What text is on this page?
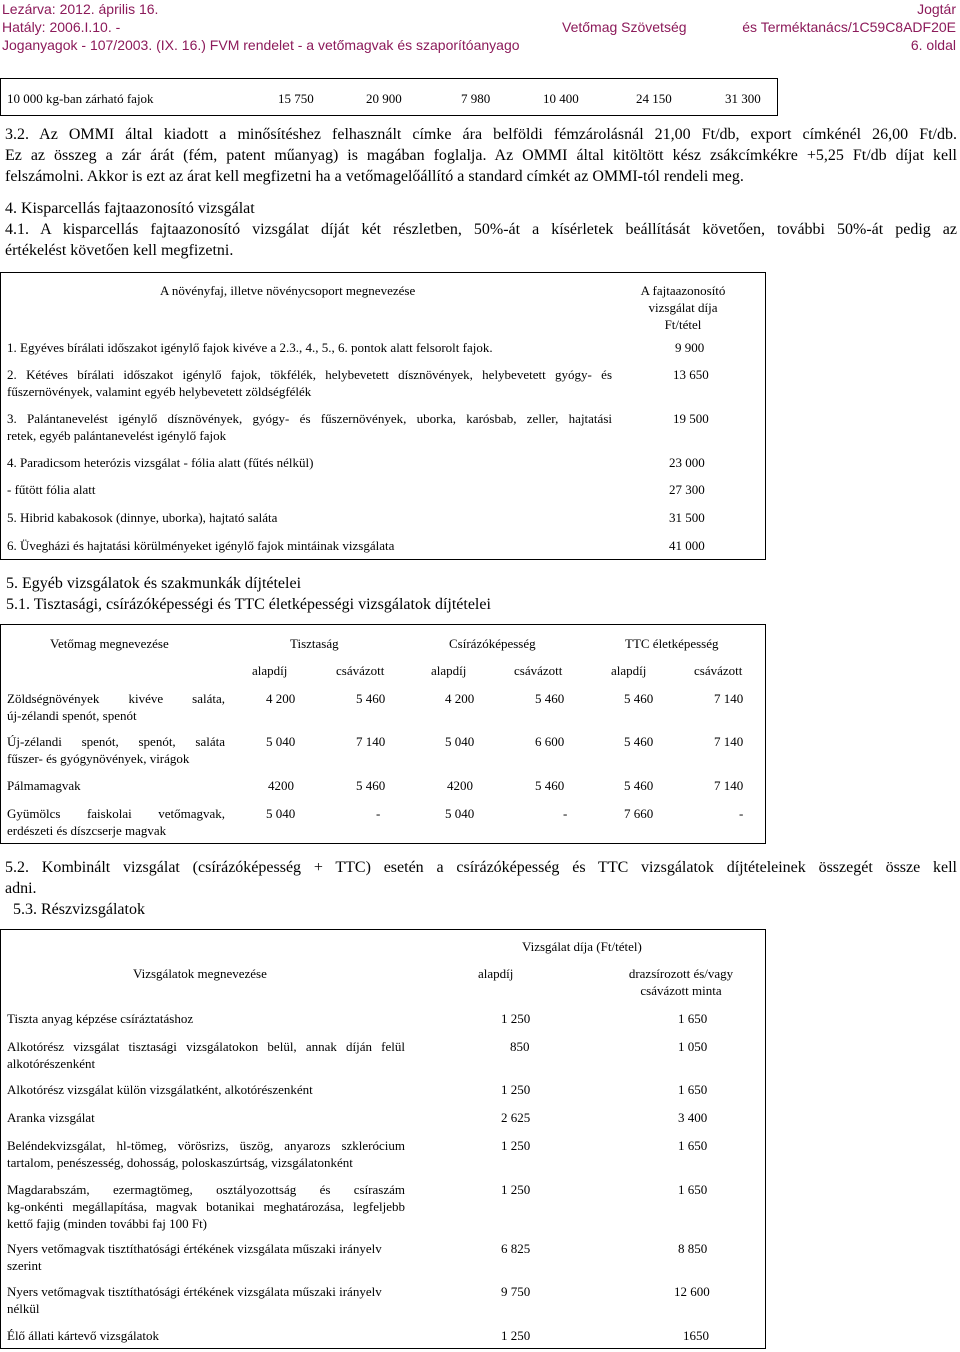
Lezárva: 2012. április 16.
Hatály: 2006.I.10. -
Joganyagok - 107/2003. (IX. 16.) FVM rendelet - a vetőmagvak és szaporítóanyago
Vetőmag Szövetség
Jogtár
és Terméktanács/1C59C8ADF20E
6. oldal
10 000 kg-ban zárható fajok	15 750	20 900	7 980	10 400	24 150	31 300
3.2. Az OMMI által kiadott a minősítéshez felhasznált címke ára belföldi fémzárolásnál 21,00 Ft/db, export címkénél 26,00 Ft/db.
Ez az összeg a zár árát (fém, patent műanyag) is magában foglalja. Az OMMI által kitöltött kész zsákcímkékre +5,25 Ft/db díjat kell
felszámolni. Akkor is ezt az árat kell megfizetni ha a vetőmagelőállító a standard címkét az OMMI-tól rendeli meg.
4. Kisparcellás fajtaazonosító vizsgálat
4.1. A kisparcellás fajtaazonosító vizsgálat díját két részletben, 50%-át a kísérletek beállítását követően, további 50%-át pedig az
értékelést követően kell megfizetni.
A növényfaj, illetve növénycsoport megnevezése	A fajtaazonosító
vizsgálat díja
Ft/tétel
1. Egyéves bírálati időszakot igénylő fajok kivéve a 2.3., 4., 5., 6. pontok alatt felsorolt fajok.	9 900
2. Kétéves bírálati időszakot igénylő fajok, tökfélék, helybevetett dísznövények, helybevetett gyógy- és
fűszernövények, valamint egyéb helybevetett zöldségfélék
13 650
3. Palántanevelést igénylő dísznövények, gyógy- és fűszernövények, uborka, karósbab, zeller, hajtatási
retek, egyéb palántanevelést igénylő fajok
19 500
4. Paradicsom heterózis vizsgálat - fólia alatt (fűtés nélkül)	23 000
- fűtött fólia alatt	27 300
5. Hibrid kabakosok (dinnye, uborka), hajtató saláta	31 500
6. Üvegházi és hajtatási körülményeket igénylő fajok mintáinak vizsgálata	41 000
5. Egyéb vizsgálatok és szakmunkák díjtételei
5.1. Tisztasági, csírázóképességi és TTC életképességi vizsgálatok díjtételei
Vetőmag megnevezése	Tisztaság	Csírázóképesség	TTC életképesség
alapdíj	csávázott	alapdíj	csávázott	alapdíj	csávázott
Zöldségnövények kivéve saláta,
új-zélandi spenót, spenót
4 200	5 460	4 200	5 460	5 460	7 140
Új-zélandi spenót, spenót, saláta
fűszer- és gyógynövények, virágok
5 040	7 140	5 040	6 600	5 460	7 140
Pálmamagvak	4200	5 460	4200	5 460	5 460	7 140
Gyümölcs faiskolai vetőmagvak,
erdészeti és díszcserje magvak
5 040	-	5 040	-	7 660	-
5.2. Kombinált vizsgálat (csírázóképesség + TTC) esetén a csírázóképesség és TTC vizsgálatok díjtételeinek összegét össze kell
adni.
5.3. Részvizsgálatok
Vizsgálat díja (Ft/tétel)
Vizsgálatok megnevezése	alapdíj	drazsírozott és/vagy
csávázott minta
Tiszta anyag képzése csíráztatáshoz	1 250	1 650
Alkotórész vizsgálat tisztasági vizsgálatokon belül, annak díján felül
alkotórészenként
850	1 050
Alkotórész vizsgálat külön vizsgálatként, alkotórészenként	1 250	1 650
Aranka vizsgálat	2 625	3 400
Beléndekvizsgálat, hl-tömeg, vörösrizs, üszög, anyarozs szklerócium
tartalom, penészesség, dohosság, poloskaszúrtság, vizsgálatonként
1 250	1 650
Magdarabszám, ezermagtömeg, osztályozottság és csíraszám
kg-onkénti megállapítása, magvak botanikai meghatározása, legfeljebb
kettő fajig (minden további faj 100 Ft)
1 250	1 650
Nyers vetőmagvak tisztíthatósági értékének vizsgálata műszaki irányelv
szerint
6 825	8 850
Nyers vetőmagvak tisztíthatósági értékének vizsgálata műszaki irányelv
nélkül
9 750	12 600
Élő állati kártevő vizsgálatok	1 250	1650
